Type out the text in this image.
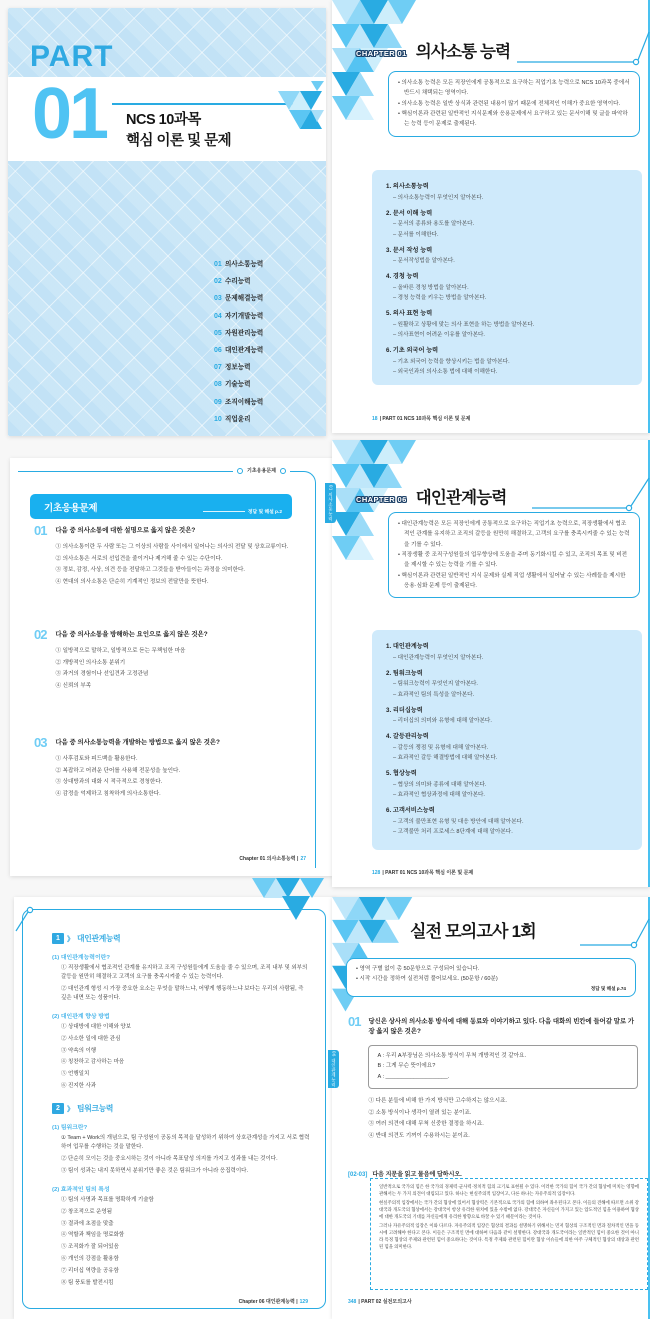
PART
01 NCS 10과목
핵심 이론 및 문제
01 의사소통능력
02 수리능력
03 문제해결능력
04 자기개발능력
05 자원관리능력
06 대인관계능력
07 정보능력
08 기술능력
09 조직이해능력
10 직업윤리
CHAPTER 01 의사소통 능력
• 의사소통 능력은 모든 직장인에게 공통적으로 요구하는 직업기초 능력으로 NCS 10과목 중에서 반드시 채택되는 영역이다.
• 의사소통 능력은 일반 상식과 관련된 내용이 많기 때문에 전체적인 이해가 중요한 영역이다.
• 핵심이론과 관련된 일반적인 지식문제와 응용문제에서 요구하고 있는 문서이해 및 글을 파악하는 능력 등이 문제로 출제된다.
1. 의사소통능력
– 의사소통능력이 무엇인지 알아본다.
2. 문서 이해 능력
– 문서의 종류와 용도를 알아본다.
– 문서를 이해한다.
3. 문서 작성 능력
– 문서작성법을 알아본다.
4. 경청 능력
– 올바른 경청 방법을 알아본다.
– 경청 능력을 키우는 방법을 알아본다.
5. 의사 표현 능력
– 원활하고 상황에 맞는 의사 표현을 하는 방법을 알아본다.
– 의사표현이 어려운 이유를 알아본다.
6. 기초 외국어 능력
– 기초 외국어 능력을 향상시키는 법을 알아본다.
– 외국인과의 의사소통 법에 대해 이해한다.
18 | PART 01 NCS 10과목 핵심 이론 및 문제
기초응용문제
01 의사소통능력
기초응용문제	정답 및 해설 p.2
01 다음 중 의사소통에 대한 설명으로 옳지 않은 것은?
① 의사소통이란 두 사람 또는 그 이상의 사람들 사이에서 일어나는 의사의 전달 및 상호교류이다.
② 의사소통은 서로의 선입견을 줄이거나 제거해 줄 수 있는 수단이다.
③ 정보, 감정, 사상, 의견 등을 전달하고 그것들을 받아들이는 과정을 의미한다.
④ 현대의 의사소통은 단순히 기계적인 정보의 전달만을 뜻한다.
02 다음 중 의사소통을 방해하는 요인으로 옳지 않은 것은?
① 일방적으로 말하고, 일방적으로 듣는 무책임한 마음
② 개방적인 의사소통 분위기
③ 과거의 경험이나 선입견과 고정관념
④ 신뢰의 부족
03 다음 중 의사소통능력을 개발하는 방법으로 옳지 않은 것은?
① 사후검토와 피드백을 활용한다.
② 복잡하고 어려운 단어를 사용해 전문성을 높인다.
③ 상대방과의 대화 시 적극적으로 경청한다.
④ 감정을 억제하고 침착하게 의사소통한다.
Chapter 01 의사소통능력 | 27
CHAPTER 06 대인관계능력
• 대인관계능력은 모든 직장인에게 공통적으로 요구하는 직업기초 능력으로, 직장생활에서 협조적인 관계를 유지하고 조직의 갈등을 원만히 해결하고, 고객의 요구를 충족시켜줄 수 있는 능력을 기를 수 있다.
• 직장생활 중 조직구성원들의 업무향상에 도움을 주며 동기화시킬 수 있고, 조직의 목표 및 비전을 제시할 수 있는 능력을 기를 수 있다.
• 핵심이론과 관련된 일반적인 지식 문제와 실제 직업 생활에서 일어날 수 있는 사례들을 제시한 응용·심화 문제 등이 출제된다.
1. 대인관계능력
– 대인관계능력이 무엇인지 알아본다.
2. 팀워크능력
– 팀워크능력이 무엇인지 알아본다.
– 효과적인 팀의 특성을 알아본다.
3. 리더십능력
– 리더십의 의미와 유형에 대해 알아본다.
4. 갈등관리능력
– 갈등의 쟁점 및 유형에 대해 알아본다.
– 효과적인 갈등 해결방법에 대해 알아본다.
5. 협상능력
– 협상의 의미와 종류에 대해 알아본다.
– 효과적인 협상과정에 대해 알아본다.
6. 고객서비스능력
– 고객의 불만표현 유형 및 대응 방안에 대해 알아본다.
– 고객불만 처리 프로세스 8단계에 대해 알아본다.
128 | PART 01 NCS 10과목 핵심 이론 및 문제
06 대인관계능력
1	》 대인관계능력
(1) 대인관계능력이란?
① 직장생활에서 협조적인 관계를 유지하고 조직 구성원들에게 도움을 줄 수 있으며, 조직 내부 및 외부의 갈등을 원만히 해결하고 고객의 요구를 충족시켜줄 수 있는 능력이다.
② 대인관계 형성 시 가장 중요한 요소는 무엇을 말하느냐, 어떻게 행동하느냐 보다는 우리의 사람됨, 즉 깊은 내면 또는 성품이다.
(2) 대인관계 향상 방법
① 상대방에 대한 이해와 양보
② 사소한 일에 대한 관심
③ 약속의 이행
④ 칭찬하고 감사하는 마음
⑤ 언행일치
⑥ 진지한 사과
2	》 팀워크능력
(1) 팀워크란?
① Team + Work의 개념으로, 팀 구성원이 공동의 목적을 달성하기 위하여 상호관계성을 가지고 서로 협력하여 업무를 수행하는 것을 말한다.
② 단순히 모이는 것을 중요시하는 것이 아니라 목표달성 의지를 가지고 성과를 내는 것이다.
③ 팀이 성과는 내지 못하면서 분위기만 좋은 것은 팀워크가 아니라 응집력이다.
(2) 효과적인 팀의 특성
① 팀의 사명과 목표를 명확하게 기술함
② 창조적으로 운영됨
③ 결과에 초점을 맞춤
④ 역할과 책임을 명료화함
⑤ 조직화가 잘 되어있음
⑥ 개인의 강점을 활용함
⑦ 리더십 역량을 공유함
⑧ 팀 풍토를 발전시킴
Chapter 06 대인관계능력 | 129
실전 모의고사 1회
• 영역 구별 없이 총 50문항으로 구성되어 있습니다.
• 시작 시간을 정하여 실전처럼 풀어보세요. (50문항 / 60분)
정답 및 해설 p.74
01 당신은 상사의 의사소통 방식에 대해 동료와 이야기하고 있다. 다음 대화의 빈칸에 들어갈 말로 가장 옳지 않은 것은?
A : 우리 A부장님은 의사소통 방식이 무척 개방적인 것 같아요.
B : 그게 무슨 뜻이에요?
A : ____________________.
① 다른 분들에 비해 한 가지 방식만 고수하지는 않으시죠.
② 소통 방식이나 생각이 열려 있는 분이죠.
③ 여러 의견에 대해 무척 신중한 결정을 하시죠.
④ 반대 의견도 기꺼이 수용하시는 분이죠.
[02-03] 다음 지문을 읽고 물음에 답하시오.

일반적으로 국가의 힘은 한 국가의 경제력·군사력·정치적 힘의 크기로 표현될 수 있다. 이러한 국가의 힘이 국가 간의 협상에 미치는 영향에 관해서는 두 가지 의견이 대립되고 있다. 하나는 현실주의적 입장이고, 다른 하나는 자유주의적 입장이다.

현실주의적 입장에서는 국가 간의 협상에 있어서 협상력은 기본적으로 국가의 힘에 의하여 좌우된다고 본다. 이들의 견해에 따르면 소위 강대국과 개도국의 협상에서는 강대국이 항상 유리한 위치에 있을 수밖에 없다. 강대국은 자신들이 가지고 있는 압도적인 힘을 이용하여 협상에 대한 개도국의 기대를 자신들에게 유리한 방향으로 바꿀 수 있기 때문이라는 것이다.

그러나 자유주의적 입장은 이와 다르다. 자유주의적 입장은 협상의 결과를 설명하기 위해서는 먼저 협상의 구조적인 면과 절차적인 면을 동시에 고려해야 한다고 본다. 이들은 구조적인 면에 대하여 다음과 같이 설명한다. 강대국과 개도국이라는 일반적인 힘이 중요한 것이 아니라 특정 협상의 주제와 관련된 힘이 중요하다는 것이다. 특정 주제와 관련된 힘이란 협상 이슈들에 의한 아주 구체적인 협상의 대상과 관련된 힘을 의미한다.

348 | PART 02 실전모의고사
